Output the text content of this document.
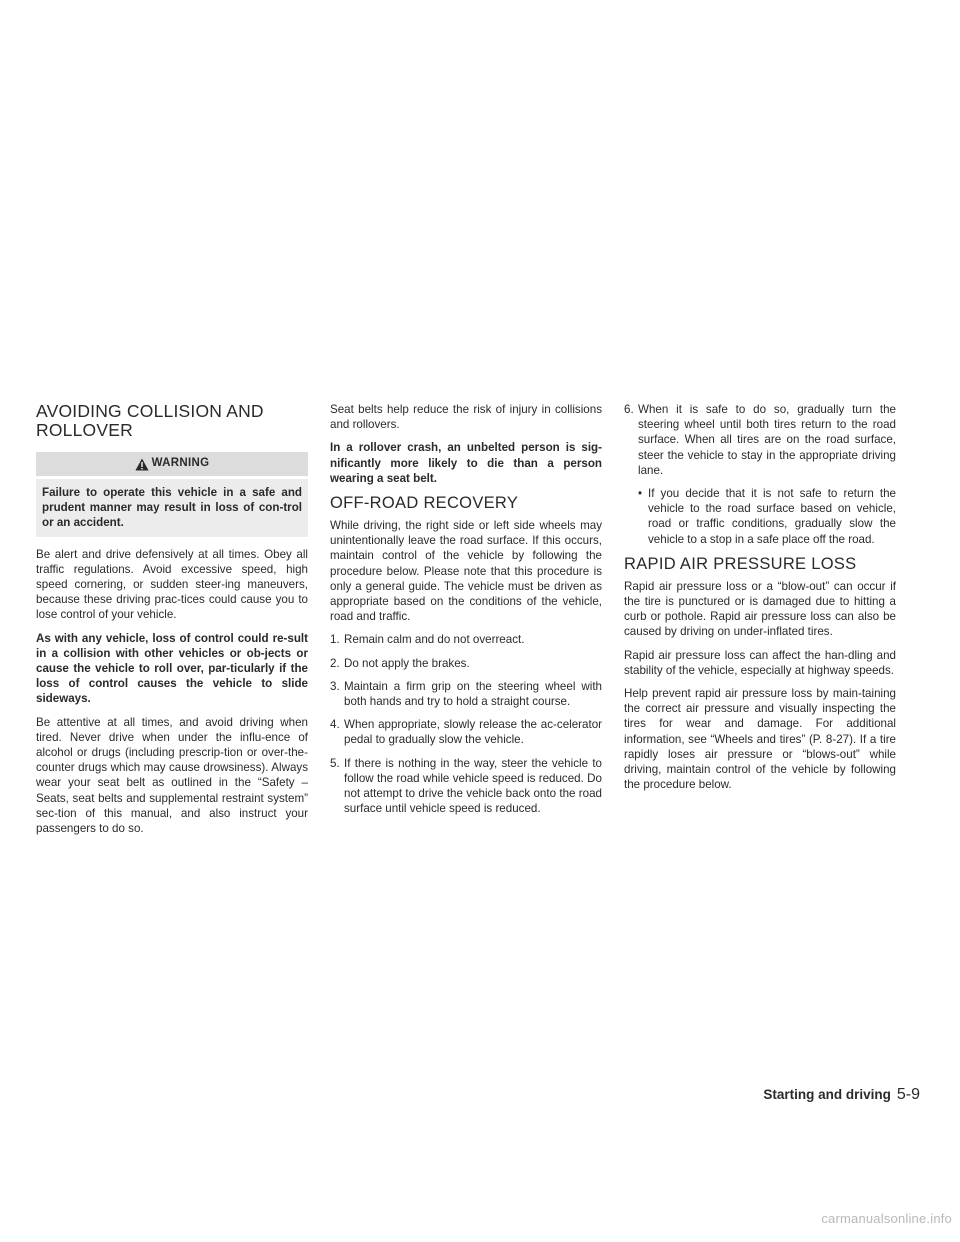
AVOIDING COLLISION AND ROLLOVER
WARNING
Failure to operate this vehicle in a safe and prudent manner may result in loss of con-trol or an accident.

Be alert and drive defensively at all times. Obey all traffic regulations. Avoid excessive speed, high speed cornering, or sudden steer-ing maneuvers, because these driving prac-tices could cause you to lose control of your vehicle.

As with any vehicle, loss of control could re-sult in a collision with other vehicles or ob-jects or cause the vehicle to roll over, par-ticularly if the loss of control causes the vehicle to slide sideways.

Be attentive at all times, and avoid driving when tired. Never drive when under the influ-ence of alcohol or drugs (including prescrip-tion or over-the-counter drugs which may cause drowsiness). Always wear your seat belt as outlined in the “Safety – Seats, seat belts and supplemental restraint system” sec-tion of this manual, and also instruct your passengers to do so.

Seat belts help reduce the risk of injury in collisions and rollovers.

In a rollover crash, an unbelted person is sig-nificantly more likely to die than a person wearing a seat belt.

OFF-ROAD RECOVERY

While driving, the right side or left side wheels may unintentionally leave the road surface. If this occurs, maintain control of the vehicle by following the procedure below. Please note that this procedure is only a general guide. The vehicle must be driven as appropriate based on the conditions of the vehicle, road and traffic.

1. Remain calm and do not overreact.
2. Do not apply the brakes.
3. Maintain a firm grip on the steering wheel with both hands and try to hold a straight course.
4. When appropriate, slowly release the ac-celerator pedal to gradually slow the vehicle.
5. If there is nothing in the way, steer the vehicle to follow the road while vehicle speed is reduced. Do not attempt to drive the vehicle back onto the road surface until vehicle speed is reduced.
6. When it is safe to do so, gradually turn the steering wheel until both tires return to the road surface. When all tires are on the road surface, steer the vehicle to stay in the appropriate driving lane.
• If you decide that it is not safe to return the vehicle to the road surface based on vehicle, road or traffic conditions, gradually slow the vehicle to a stop in a safe place off the road.
RAPID AIR PRESSURE LOSS

Rapid air pressure loss or a “blow-out” can occur if the tire is punctured or is damaged due to hitting a curb or pothole. Rapid air pressure loss can also be caused by driving on under-inflated tires.

Rapid air pressure loss can affect the han-dling and stability of the vehicle, especially at highway speeds.

Help prevent rapid air pressure loss by main-taining the correct air pressure and visually inspecting the tires for wear and damage. For additional information, see “Wheels and tires” (P. 8-27). If a tire rapidly loses air pressure or “blows-out” while driving, maintain control of the vehicle by following the procedure below.

Starting and driving 5-9
carmanualsonline.info
